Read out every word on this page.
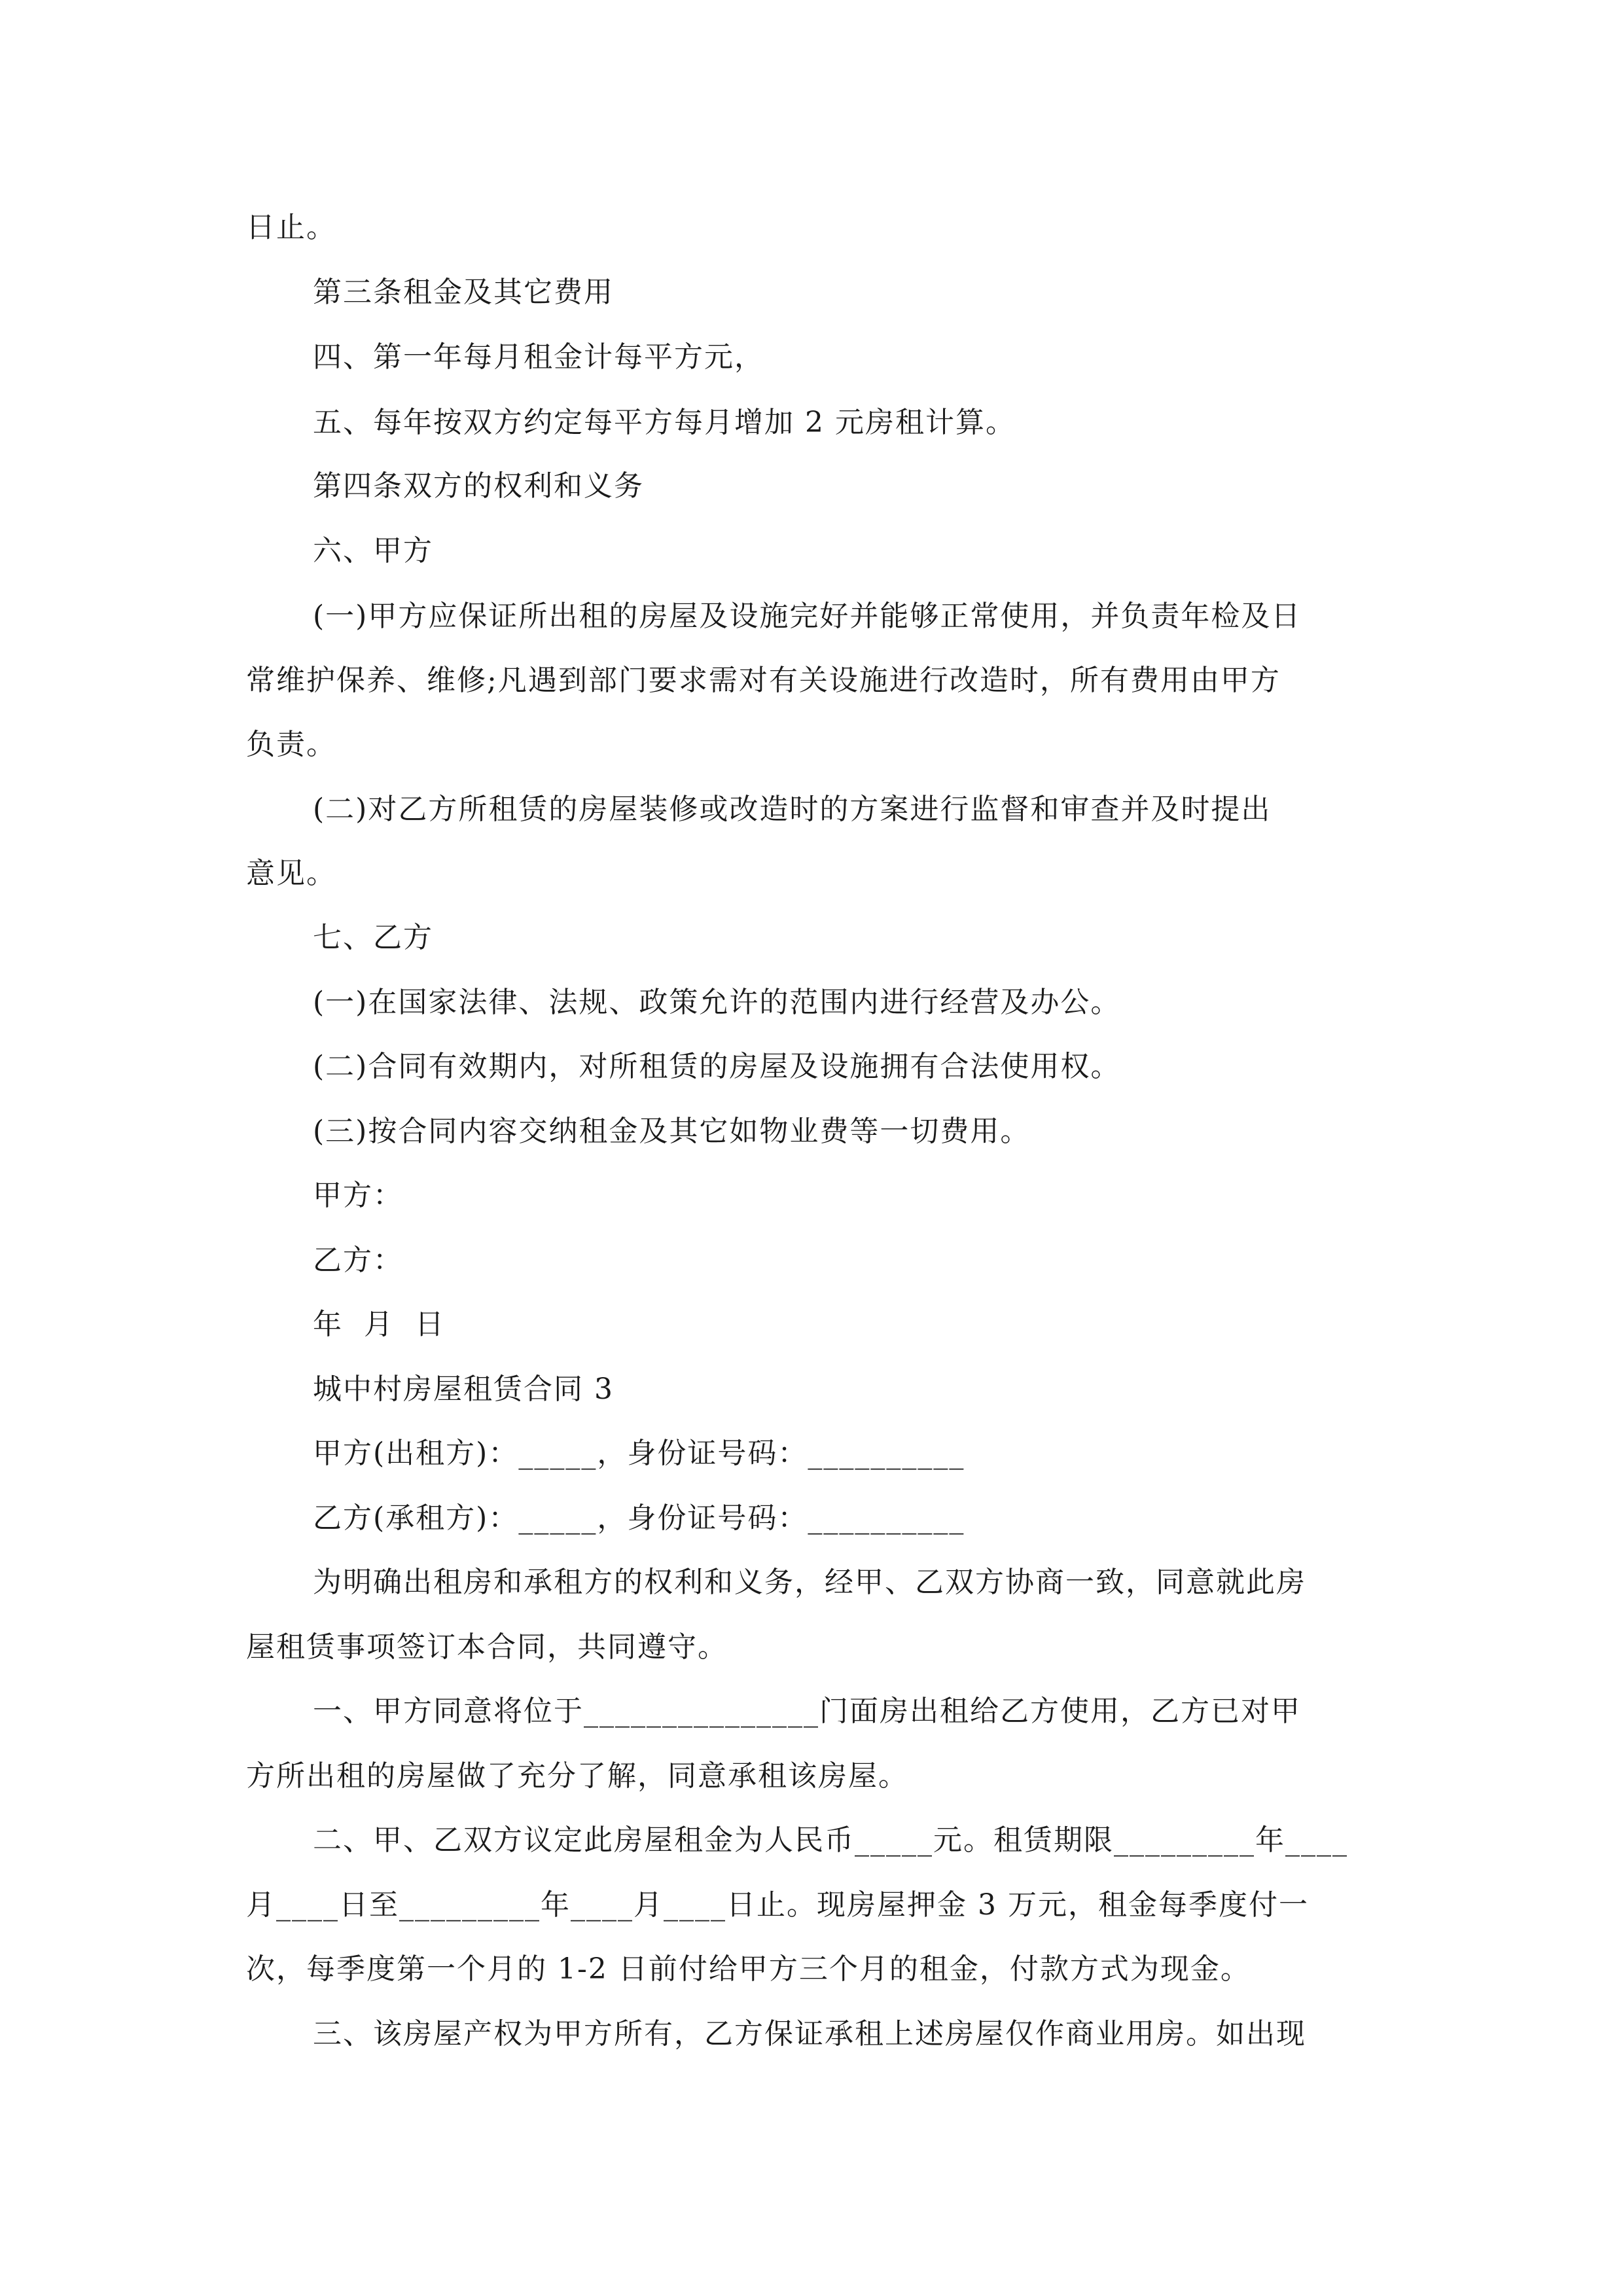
日止。
第三条租金及其它费用
四、第一年每月租金计每平方元，
五、每年按双方约定每平方每月增加 2 元房租计算。
第四条双方的权利和义务
六、甲方
(一)甲方应保证所出租的房屋及设施完好并能够正常使用，并负责年检及日
常维护保养、维修;凡遇到部门要求需对有关设施进行改造时，所有费用由甲方
负责。
(二)对乙方所租赁的房屋装修或改造时的方案进行监督和审查并及时提出
意见。
七、乙方
(一)在国家法律、法规、政策允许的范围内进行经营及办公。
(二)合同有效期内，对所租赁的房屋及设施拥有合法使用权。
(三)按合同内容交纳租金及其它如物业费等一切费用。
甲方：
乙方：
年  月  日
城中村房屋租赁合同 3
甲方(出租方)：_____，身份证号码：__________
乙方(承租方)：_____，身份证号码：__________
为明确出租房和承租方的权利和义务，经甲、乙双方协商一致，同意就此房
屋租赁事项签订本合同，共同遵守。
一、甲方同意将位于_______________门面房出租给乙方使用，乙方已对甲
方所出租的房屋做了充分了解，同意承租该房屋。
二、甲、乙双方议定此房屋租金为人民币_____元。租赁期限_________年____
月____日至_________年____月____日止。现房屋押金 3 万元，租金每季度付一
次，每季度第一个月的 1-2 日前付给甲方三个月的租金，付款方式为现金。
三、该房屋产权为甲方所有，乙方保证承租上述房屋仅作商业用房。如出现
